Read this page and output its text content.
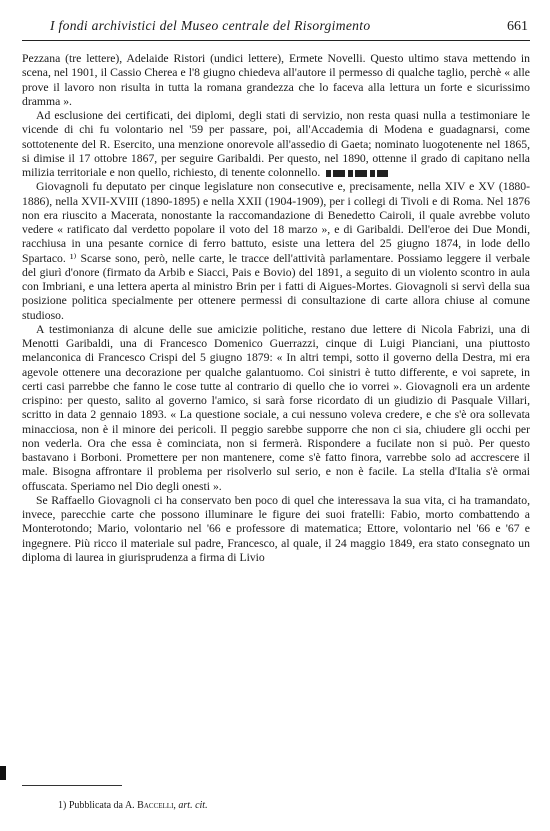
I fondi archivistici del Museo centrale del Risorgimento	661

Pezzana (tre lettere), Adelaide Ristori (undici lettere), Ermete Novelli. Questo ultimo stava mettendo in scena, nel 1901, il Cassio Cherea e l'8 giugno chiedeva all'autore il permesso di qualche taglio, perchè « alle prove il lavoro non risulta in tutta la romana grandezza che lo faceva alla lettura un forte e sicurissimo dramma ».

Ad esclusione dei certificati, dei diplomi, degli stati di servizio, non resta quasi nulla a testimoniare le vicende di chi fu volontario nel '59 per passare, poi, all'Accademia di Modena e guadagnarsi, come sottotenente del R. Esercito, una menzione onorevole all'assedio di Gaeta; nominato luogotenente nel 1865, si dimise il 17 ottobre 1867, per seguire Garibaldi. Per questo, nel 1890, ottenne il grado di capitano nella milizia territoriale e non quello, richiesto, di tenente colonnello.

Giovagnoli fu deputato per cinque legislature non consecutive e, precisamente, nella XIV e XV (1880-1886), nella XVII-XVIII (1890-1895) e nella XXII (1904-1909), per i collegi di Tivoli e di Roma. Nel 1876 non era riuscito a Macerata, nonostante la raccomandazione di Benedetto Cairoli, il quale avrebbe voluto vedere « ratificato dal verdetto popolare il voto del 18 marzo », e di Garibaldi. Dell'eroe dei Due Mondi, racchiusa in una pesante cornice di ferro battuto, esiste una lettera del 25 giugno 1874, in lode dello Spartaco. ¹⁾ Scarse sono, però, nelle carte, le tracce dell'attività parlamentare. Possiamo leggere il verbale del giurì d'onore (firmato da Arbib e Siacci, Pais e Bovio) del 1891, a seguito di un violento scontro in aula con Imbriani, e una lettera aperta al ministro Brin per i fatti di Aigues-Mortes. Giovagnoli si servì della sua posizione politica specialmente per ottenere permessi di consultazione di carte allora chiuse al comune studioso.

A testimonianza di alcune delle sue amicizie politiche, restano due lettere di Nicola Fabrizi, una di Menotti Garibaldi, una di Francesco Domenico Guerrazzi, cinque di Luigi Pianciani, una piuttosto melanconica di Francesco Crispi del 5 giugno 1879: « In altri tempi, sotto il governo della Destra, mi era agevole ottenere una decorazione per qualche galantuomo. Coi sinistri è tutto differente, e voi saprete, in certi casi parrebbe che fanno le cose tutte al contrario di quello che io vorrei ». Giovagnoli era un ardente crispino: per questo, salito al governo l'amico, si sarà forse ricordato di un giudizio di Pasquale Villari, scritto in data 2 gennaio 1893. « La questione sociale, a cui nessuno voleva credere, e che s'è ora sollevata minacciosa, non è il minore dei pericoli. Il peggio sarebbe supporre che non ci sia, chiudere gli occhi per non vederla. Ora che essa è cominciata, non si fermerà. Rispondere a fucilate non si può. Per questo bastavano i Borboni. Promettere per non mantenere, come s'è fatto finora, varrebbe solo ad accrescere il male. Bisogna affrontare il problema per risolverlo sul serio, e non è facile. La stella d'Italia s'è ormai offuscata. Speriamo nel Dio degli onesti ».

Se Raffaello Giovagnoli ci ha conservato ben poco di quel che interessava la sua vita, ci ha tramandato, invece, parecchie carte che possono illuminare le figure dei suoi fratelli: Fabio, morto combattendo a Monterotondo; Mario, volontario nel '66 e professore di matematica; Ettore, volontario nel '66 e '67 e ingegnere. Più ricco il materiale sul padre, Francesco, al quale, il 24 maggio 1849, era stato consegnato un diploma di laurea in giurisprudenza a firma di Livio

1) Pubblicata da A. Baccelli, art. cit.
